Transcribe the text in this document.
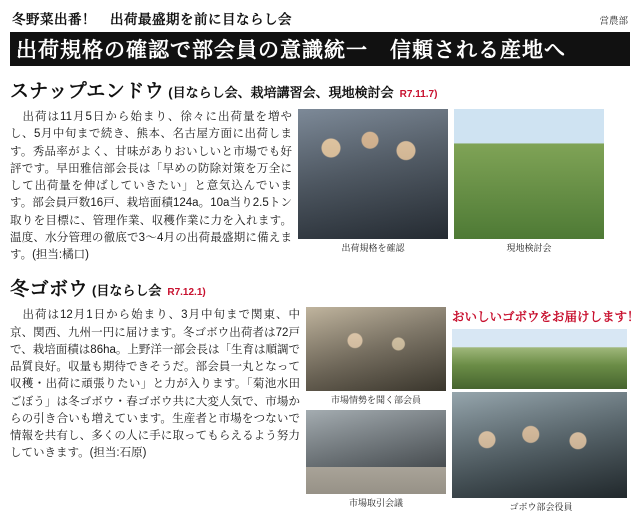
冬野菜出番！　出荷最盛期を前に目ならし会	営農部
出荷規格の確認で部会員の意識統一　信頼される産地へ
スナップエンドウ (目ならし会、栽培講習会、現地検討会 R7.11.7)
　出荷は11月5日から始まり、徐々に出荷量を増やし、5月中旬まで続き、熊本、名古屋方面に出荷します。秀品率がよく、甘味がありおいしいと市場でも好評です。早田雅信部会長は「早めの防除対策を万全にして出荷量を伸ばしていきたい」と意気込んでいます。部会員戸数16戸、栽培面積124a。10a当り2.5トン取りを目標に、管理作業、収穫作業に力を入れます。温度、水分管理の徹底で3～4月の出荷最盛期に備えます。(担当:橘口)
出荷規格を確認	現地検討会
冬ゴボウ (目ならし会 R7.12.1)
　出荷は12月1日から始まり、3月中旬まで関東、中京、関西、九州一円に届けます。冬ゴボウ出荷者は72戸で、栽培面積は86ha。上野洋一部会長は「生育は順調で品質良好。収量も期待できそうだ。部会員一丸となって収穫・出荷に頑張りたい」と力が入ります。「菊池水田ごぼう」は冬ゴボウ・春ゴボウ共に大変人気で、市場からの引き合いも増えています。生産者と市場をつないで情報を共有し、多くの人に手に取ってもらえるよう努力していきます。(担当:石原)
市場情勢を聞く部会員
市場取引会議
おいしいゴボウをお届けします！
ゴボウ部会役員
